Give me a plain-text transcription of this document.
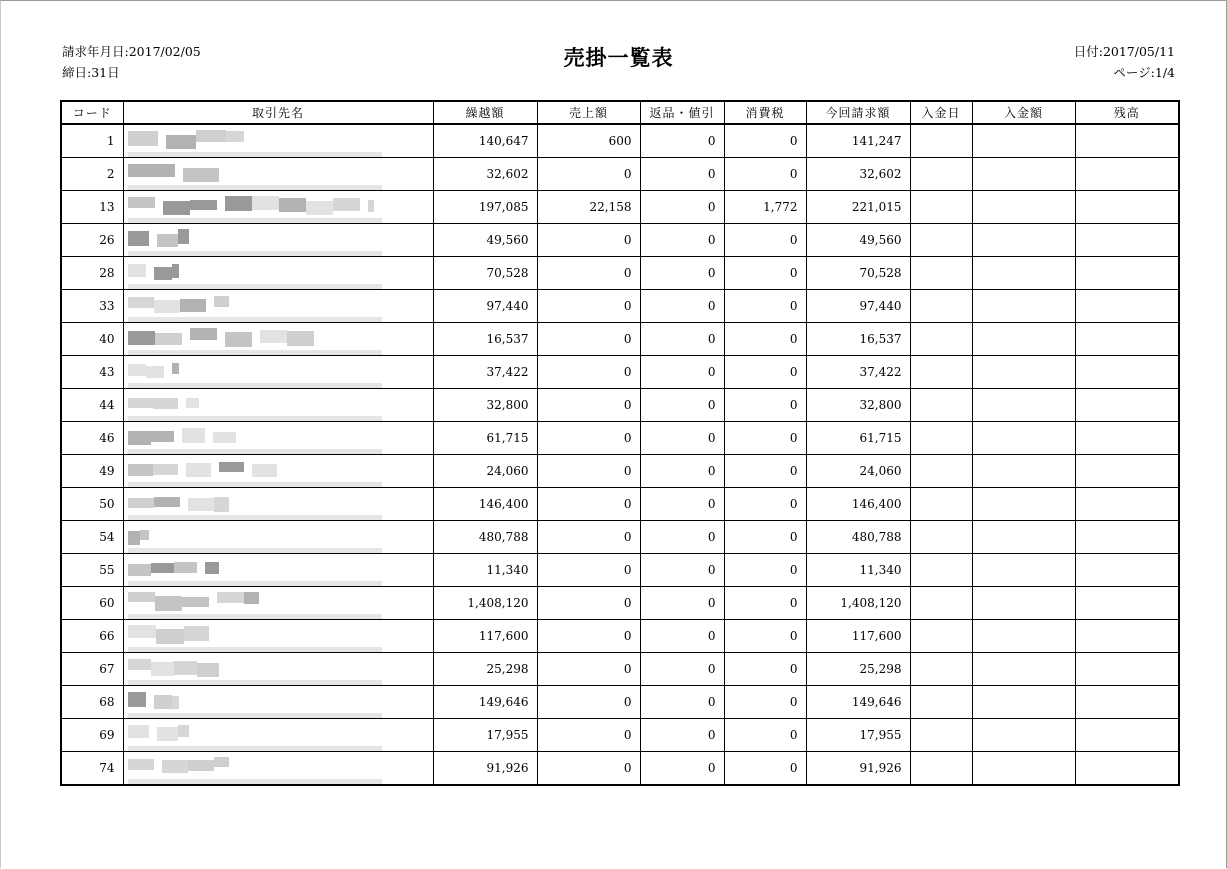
請求年月日:2017/02/05
締日:31日
売掛一覧表	日付:2017/05/11
ページ:1/4
コード	取引先名	繰越額	売上額	返品・値引	消費税	今回請求額	入金日	入金額	残高
1		140,647	600	0	0	141,247			
2		32,602	0	0	0	32,602			
13		197,085	22,158	0	1,772	221,015			
26		49,560	0	0	0	49,560			
28		70,528	0	0	0	70,528			
33		97,440	0	0	0	97,440			
40		16,537	0	0	0	16,537			
43		37,422	0	0	0	37,422			
44		32,800	0	0	0	32,800			
46		61,715	0	0	0	61,715			
49		24,060	0	0	0	24,060			
50		146,400	0	0	0	146,400			
54		480,788	0	0	0	480,788			
55		11,340	0	0	0	11,340			
60		1,408,120	0	0	0	1,408,120			
66		117,600	0	0	0	117,600			
67		25,298	0	0	0	25,298			
68		149,646	0	0	0	149,646			
69		17,955	0	0	0	17,955			
74		91,926	0	0	0	91,926			
